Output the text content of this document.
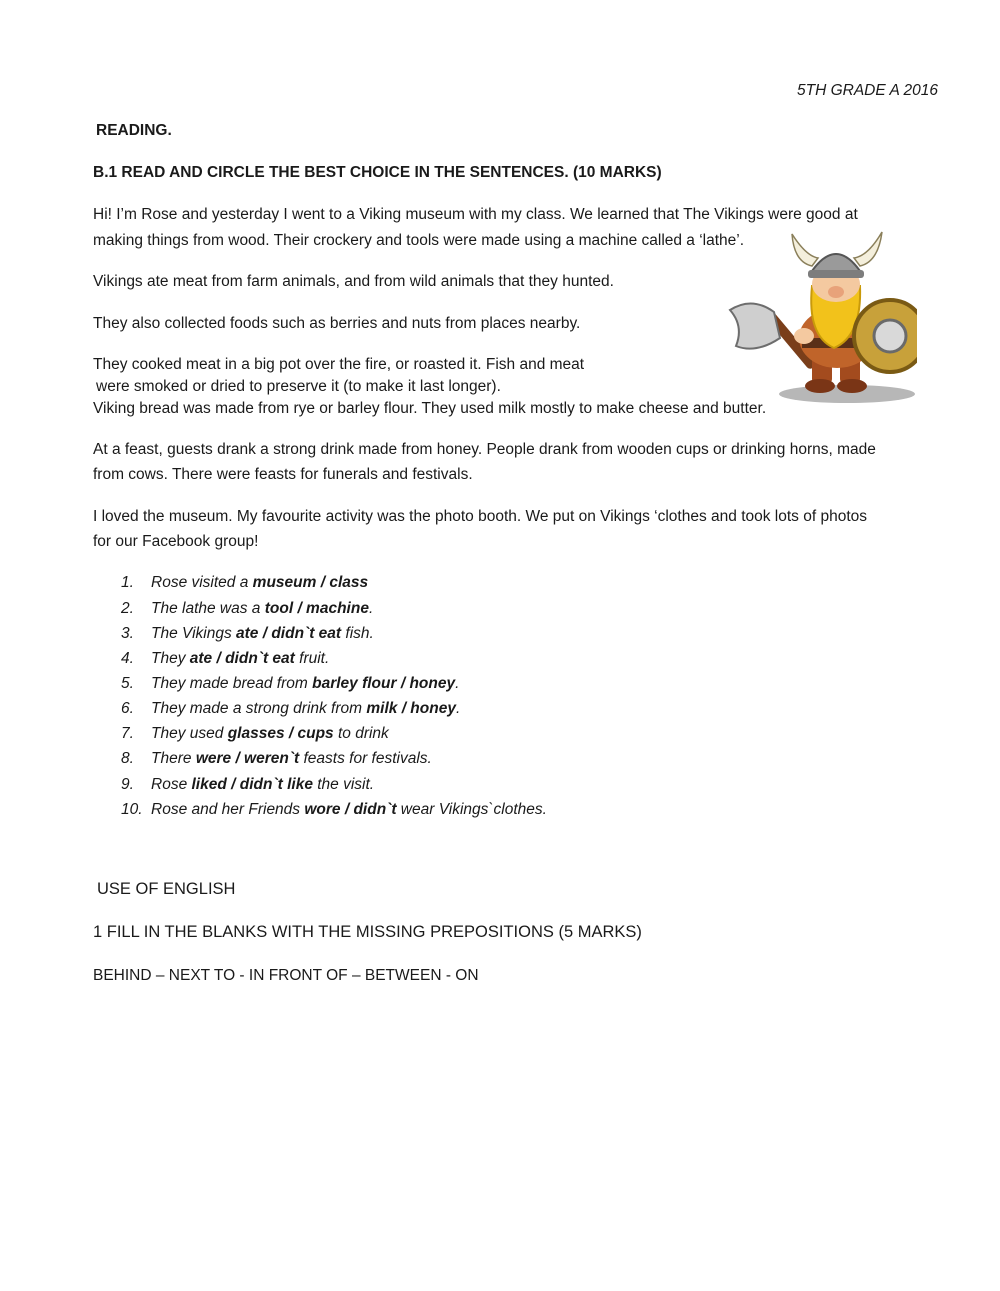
5TH GRADE A 2016
READING.
B.1 READ AND CIRCLE THE BEST CHOICE IN THE SENTENCES. (10 MARKS)
Hi! I’m Rose and yesterday I went to a Viking museum with my class. We learned that The Vikings were good at
making things from wood. Their crockery and tools were made using a machine called a ‘lathe’.
Vikings ate meat from farm animals, and from wild animals that they hunted.
They also collected foods such as berries and nuts from places nearby.
They cooked meat in a big pot over the fire, or roasted it. Fish and meat
were smoked or dried to preserve it (to make it last longer).
Viking bread was made from rye or barley flour. They used milk mostly to make cheese and butter.
At a feast, guests drank a strong drink made from honey. People drank from wooden cups or drinking horns, made
from cows. There were feasts for funerals and festivals.
I loved the museum. My favourite activity was the photo booth. We put on Vikings ‘clothes and took lots of photos
for our Facebook group!
1. Rose visited a museum / class
2. The lathe was a tool / machine.
3. The Vikings ate / didn`t eat fish.
4. They ate / didn`t eat fruit.
5. They made bread from barley flour / honey.
6. They made a strong drink from milk / honey.
7. They used glasses / cups to drink
8. There were / weren`t feasts for festivals.
9. Rose liked / didn`t like the visit.
10. Rose and her Friends wore / didn`t wear Vikings`clothes.
USE OF ENGLISH
1 FILL IN THE BLANKS WITH THE MISSING PREPOSITIONS (5 MARKS)
BEHIND – NEXT TO - IN FRONT OF – BETWEEN - ON
